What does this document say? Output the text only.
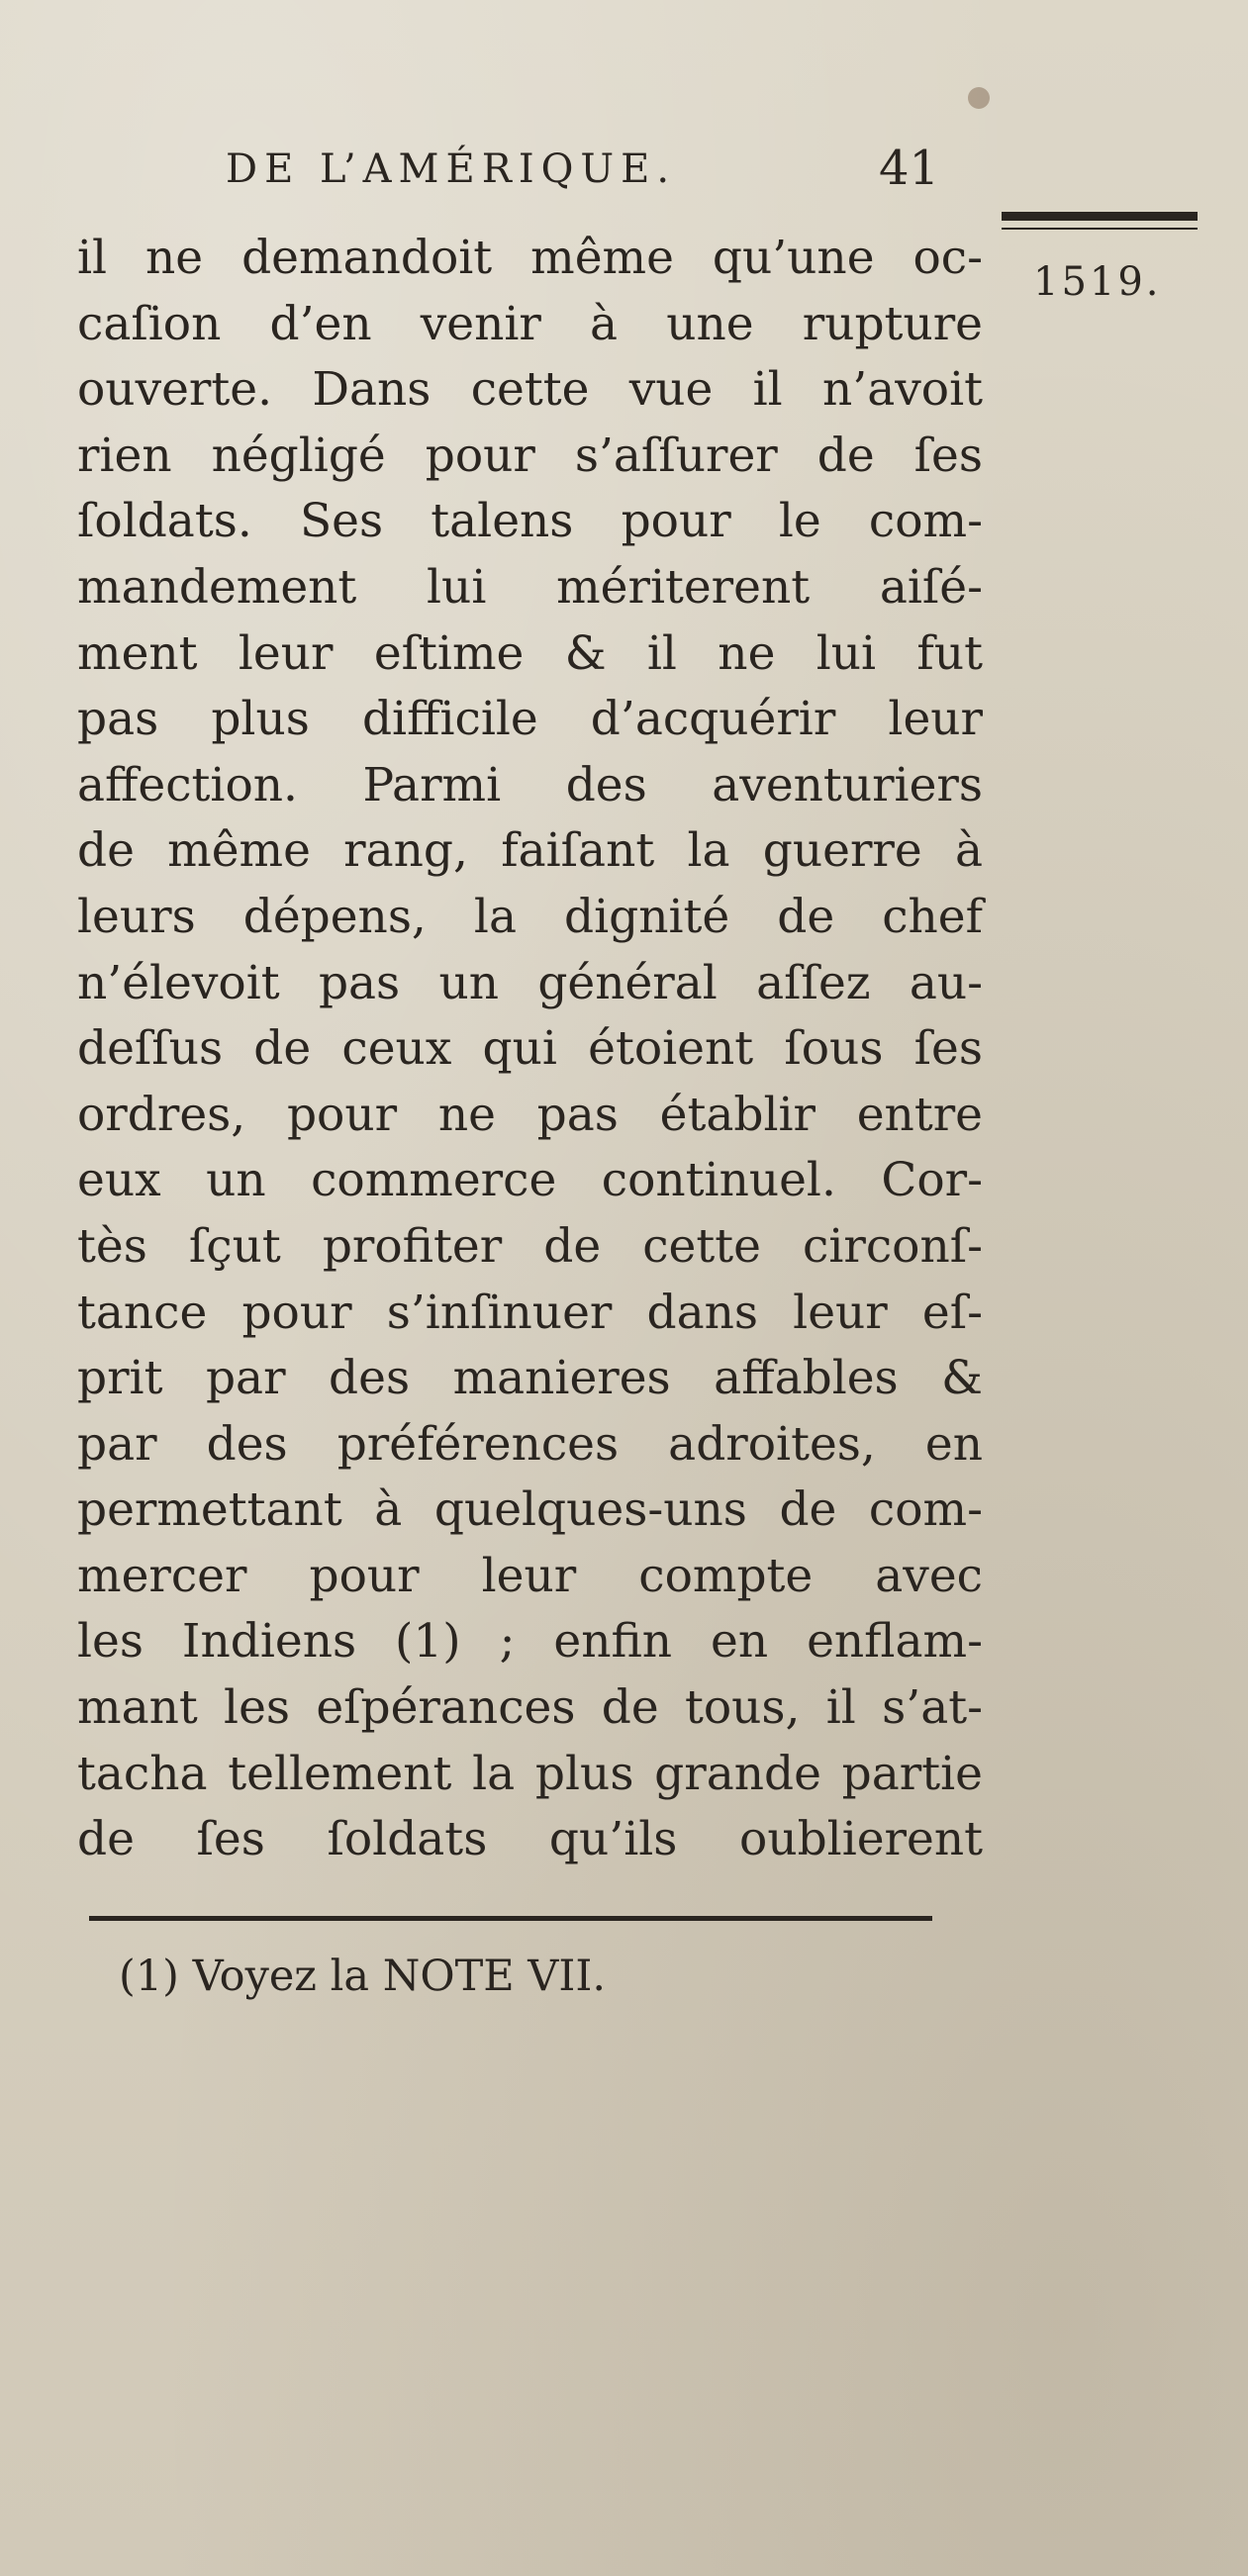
DE L’AMÉRIQUE.	41
1519.
il ne demandoit même qu’une oc-
caſion d’en venir à une rupture
ouverte. Dans cette vue il n’avoit
rien négligé pour s’aſſurer de ſes
ſoldats. Ses talens pour le com-
mandement lui mériterent aiſé-
ment leur eſtime & il ne lui fut
pas plus difficile d’acquérir leur
affection. Parmi des aventuriers
de même rang, faiſant la guerre à
leurs dépens, la dignité de chef
n’élevoit pas un général aſſez au-
deſſus de ceux qui étoient ſous ſes
ordres, pour ne pas établir entre
eux un commerce continuel. Cor-
tès ſçut profiter de cette circonſ-
tance pour s’inſinuer dans leur eſ-
prit par des manieres affables &
par des préférences adroites, en
permettant à quelques-uns de com-
mercer pour leur compte avec
les Indiens (1) ; enfin en enflam-
mant les eſpérances de tous, il s’at-
tacha tellement la plus grande partie
de ſes ſoldats qu’ils oublierent
(1) Voyez la NOTE VII.
